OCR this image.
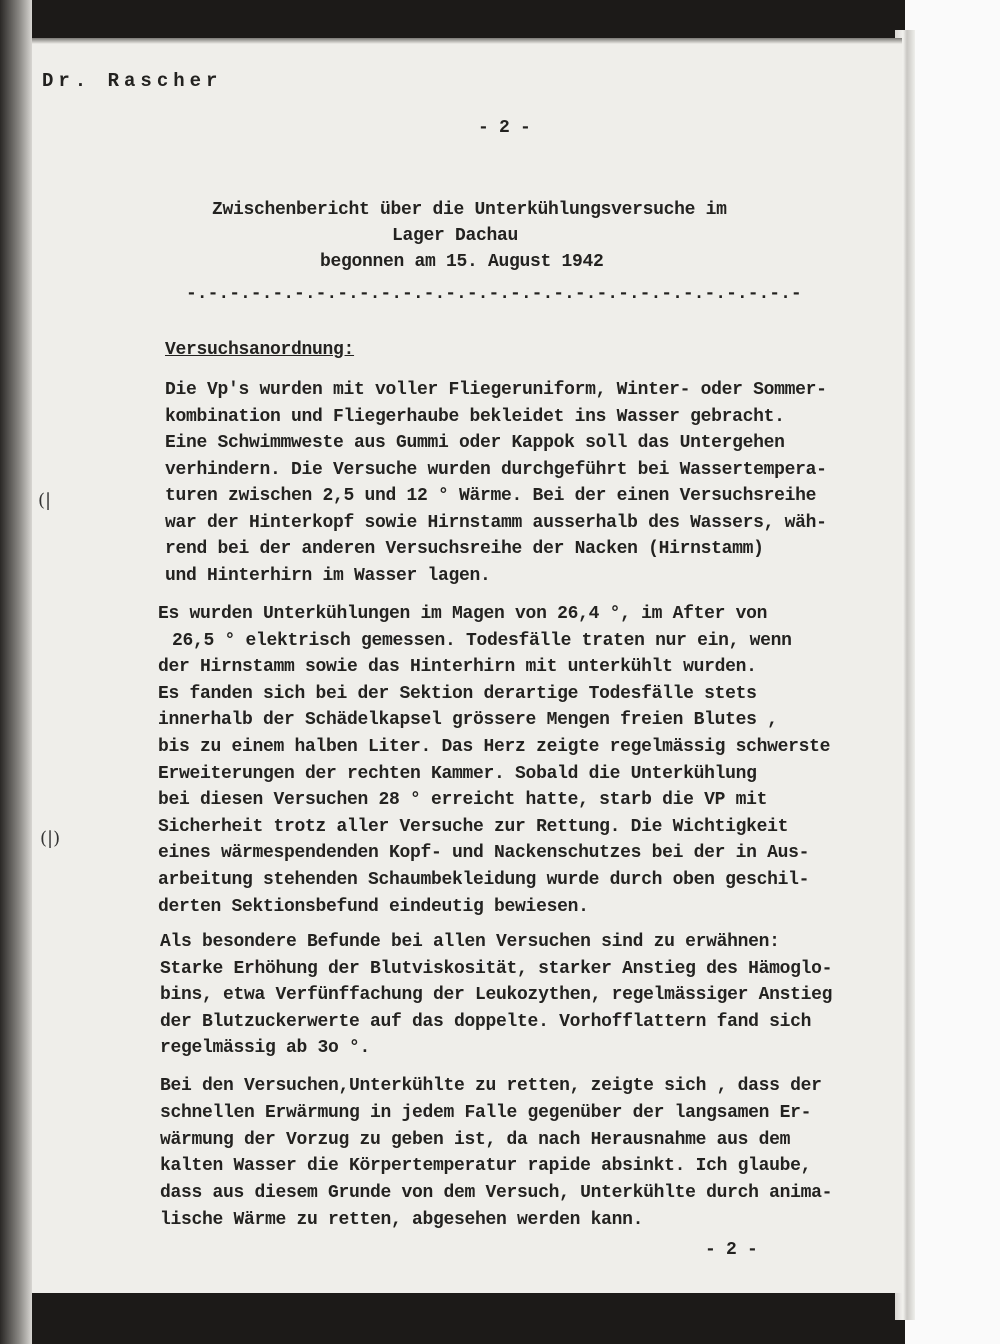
Dr. Rascher
- 2 -
Zwischenbericht über die Unterkühlungsversuche im
Lager Dachau
begonnen am 15. August 1942
-.-.-.-.-.-.-.-.-.-.-.-.-.-.-.-.-.-.-.-.-.-.-.-.-.-.-.-.-
Versuchsanordnung:
Die Vp's wurden mit voller Fliegeruniform, Winter- oder Sommer-
kombination und Fliegerhaube bekleidet ins Wasser gebracht.
Eine Schwimmweste aus Gummi oder Kappok soll das Untergehen
verhindern. Die Versuche wurden durchgeführt bei Wassertempera-
turen zwischen 2,5 und 12 ° Wärme. Bei der einen Versuchsreihe
war der Hinterkopf sowie Hirnstamm ausserhalb des Wassers, wäh-
rend bei der anderen Versuchsreihe der Nacken (Hirnstamm)
und Hinterhirn im Wasser lagen.
Es wurden Unterkühlungen im Magen von 26,4 °, im After von
26,5 ° elektrisch gemessen. Todesfälle traten nur ein, wenn
der Hirnstamm sowie das Hinterhirn mit unterkühlt wurden.
Es fanden sich bei der Sektion derartige Todesfälle stets
innerhalb der Schädelkapsel grössere Mengen freien Blutes ,
bis zu einem halben Liter. Das Herz zeigte regelmässig schwerste
Erweiterungen der rechten Kammer. Sobald die Unterkühlung
bei diesen Versuchen 28 ° erreicht hatte, starb die VP mit
Sicherheit trotz aller Versuche zur Rettung. Die Wichtigkeit
eines wärmespendenden Kopf- und Nackenschutzes bei der in Aus-
arbeitung stehenden Schaumbekleidung wurde durch oben geschil-
derten Sektionsbefund eindeutig bewiesen.
Als besondere Befunde bei allen Versuchen sind zu erwähnen:
Starke Erhöhung der Blutviskosität, starker Anstieg des Hämoglo-
bins, etwa Verfünffachung der Leukozythen, regelmässiger Anstieg
der Blutzuckerwerte auf das doppelte. Vorhofflattern fand sich
regelmässig ab 3o °.
Bei den Versuchen,Unterkühlte zu retten, zeigte sich , dass der
schnellen Erwärmung in jedem Falle gegenüber der langsamen Er-
wärmung der Vorzug zu geben ist, da nach Herausnahme aus dem
kalten Wasser die Körpertemperatur rapide absinkt. Ich glaube,
dass aus diesem Grunde von dem Versuch, Unterkühlte durch anima-
lische Wärme zu retten, abgesehen werden kann.
- 2 -
(|
(|)
